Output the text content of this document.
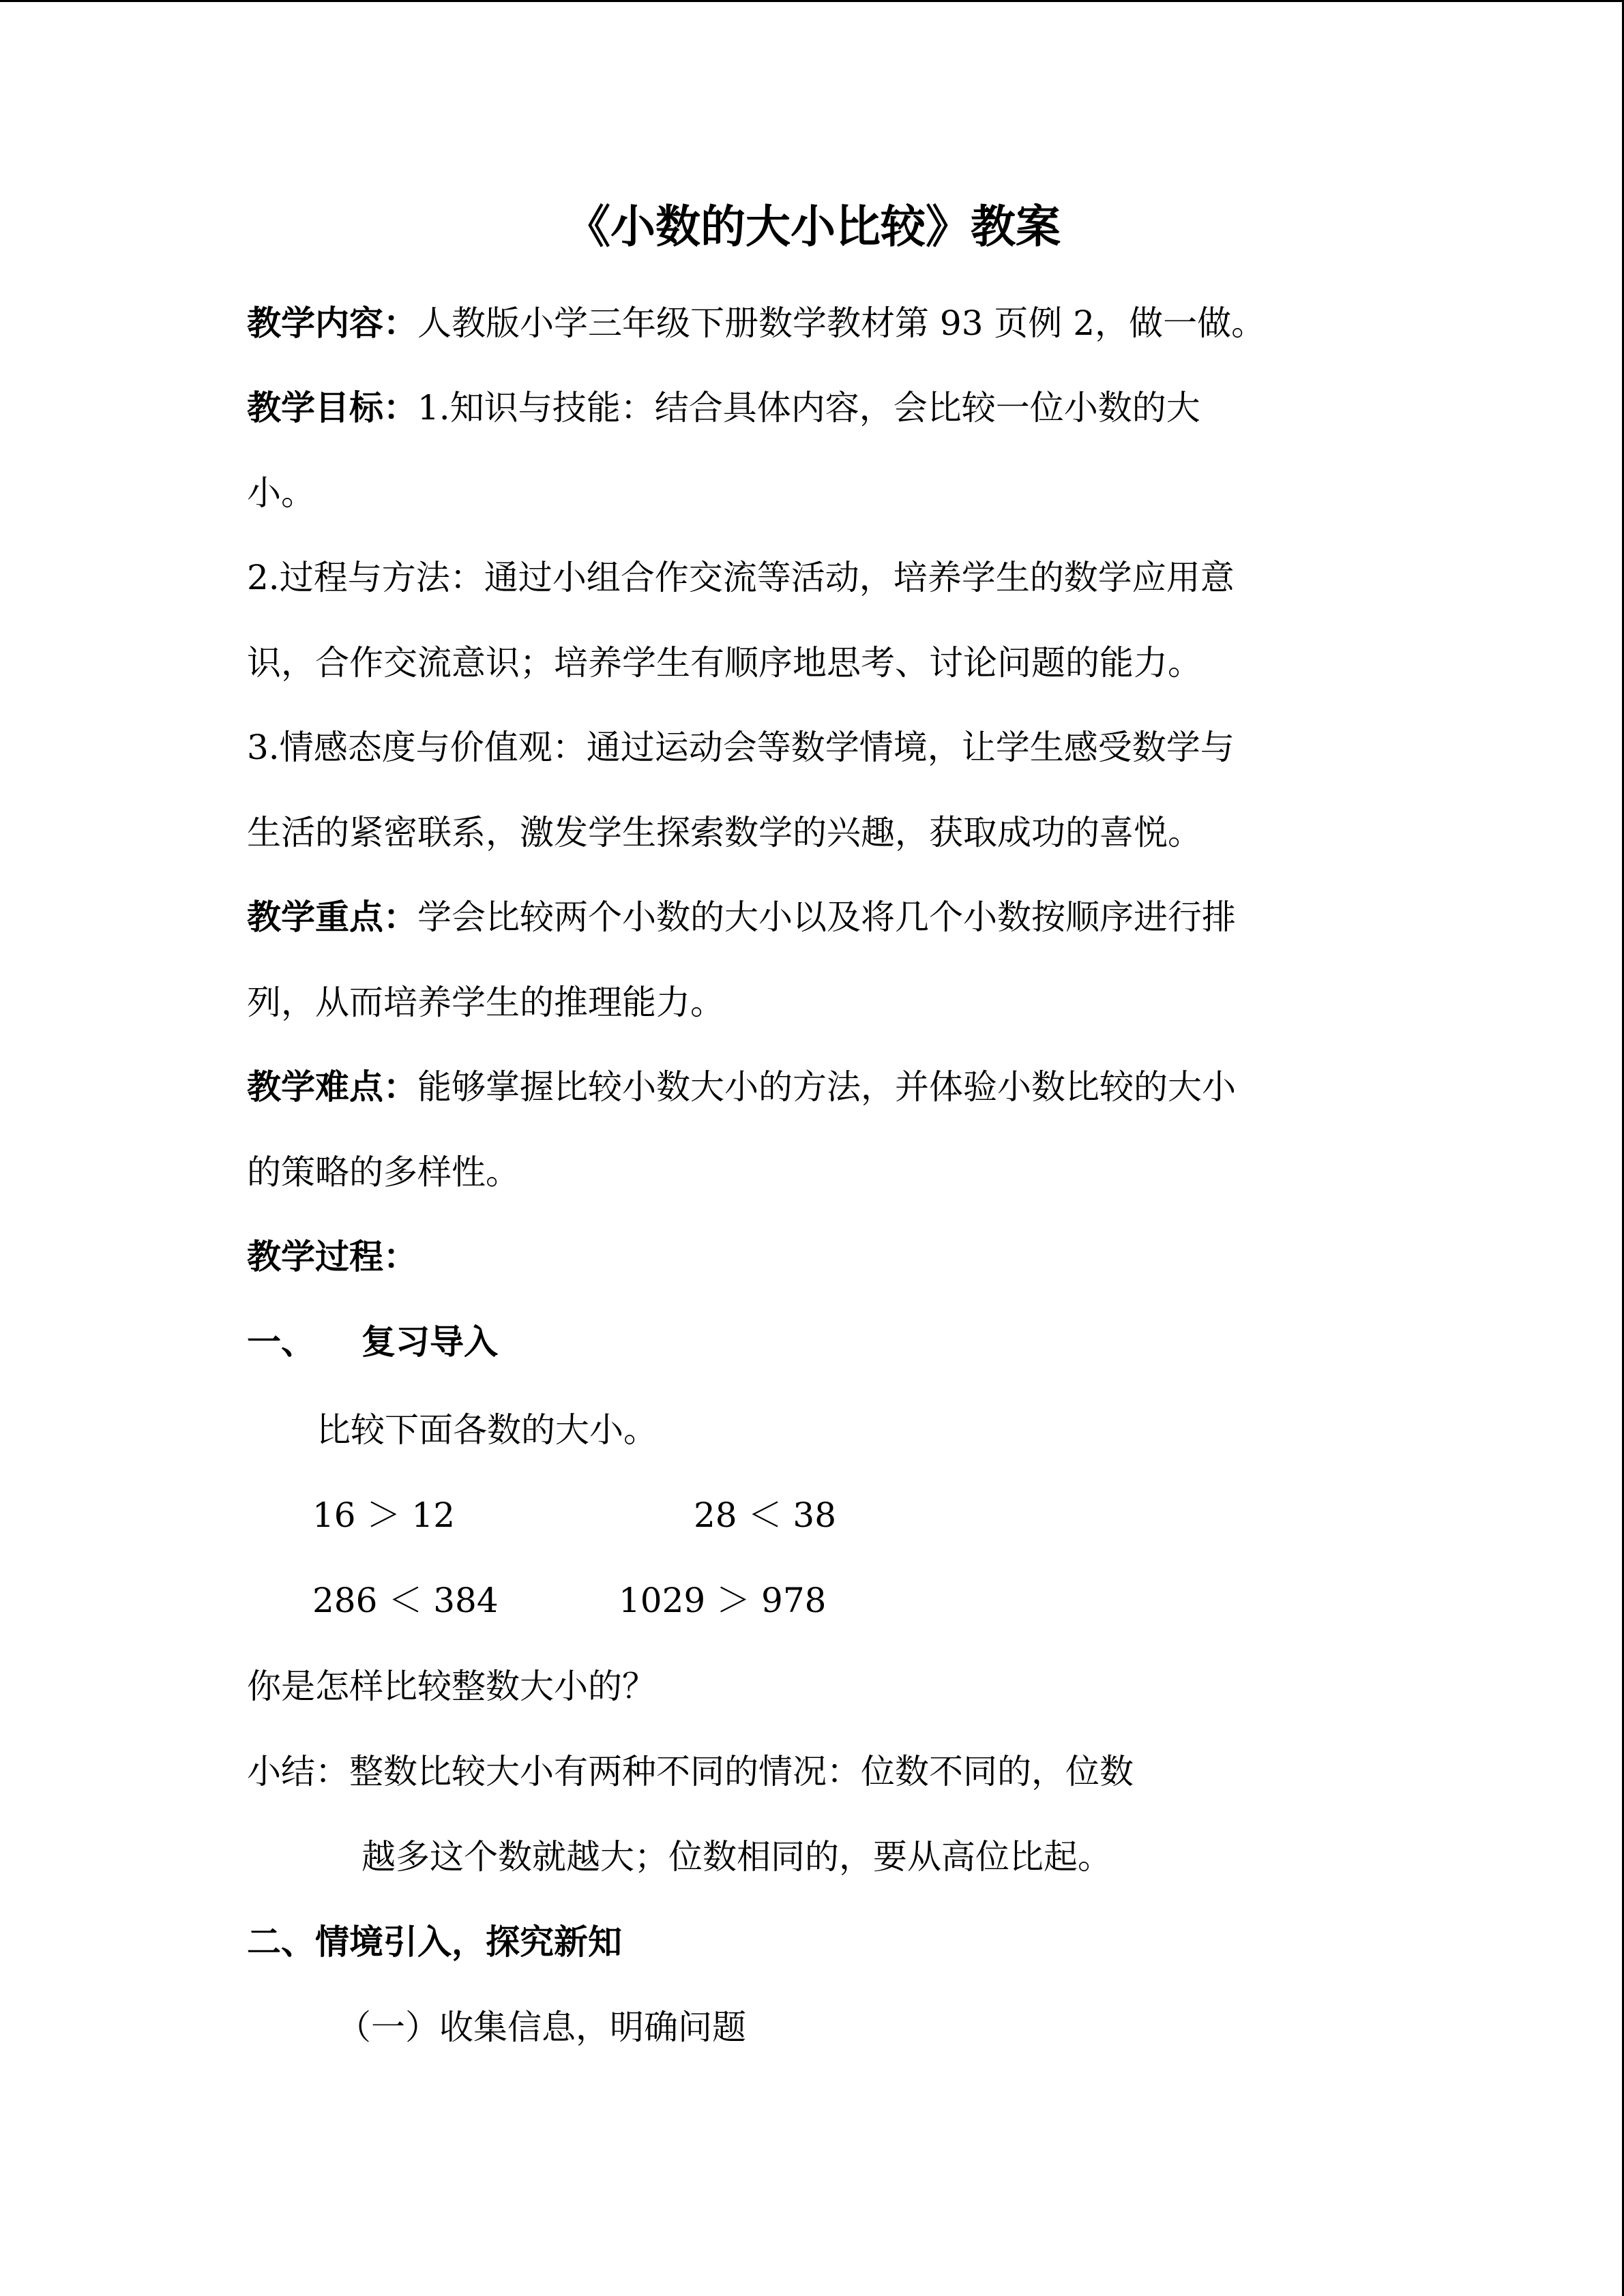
《小数的大小比较》教案
教学内容：人教版小学三年级下册数学教材第 93 页例 2，做一做。
教学目标：1.知识与技能：结合具体内容，会比较一位小数的大
小。
2.过程与方法：通过小组合作交流等活动，培养学生的数学应用意
识，合作交流意识；培养学生有顺序地思考、讨论问题的能力。
3.情感态度与价值观：通过运动会等数学情境，让学生感受数学与
生活的紧密联系，激发学生探索数学的兴趣，获取成功的喜悦。
教学重点：学会比较两个小数的大小以及将几个小数按顺序进行排
列，从而培养学生的推理能力。
教学难点：能够掌握比较小数大小的方法，并体验小数比较的大小
的策略的多样性。
教学过程：
一、 复习导入
比较下面各数的大小。
16 ＞ 12	28 ＜ 38
286 ＜ 384	1029 ＞ 978
你是怎样比较整数大小的？
小结：整数比较大小有两种不同的情况：位数不同的，位数
越多这个数就越大；位数相同的，要从高位比起。
二、情境引入，探究新知
（一）收集信息，明确问题
